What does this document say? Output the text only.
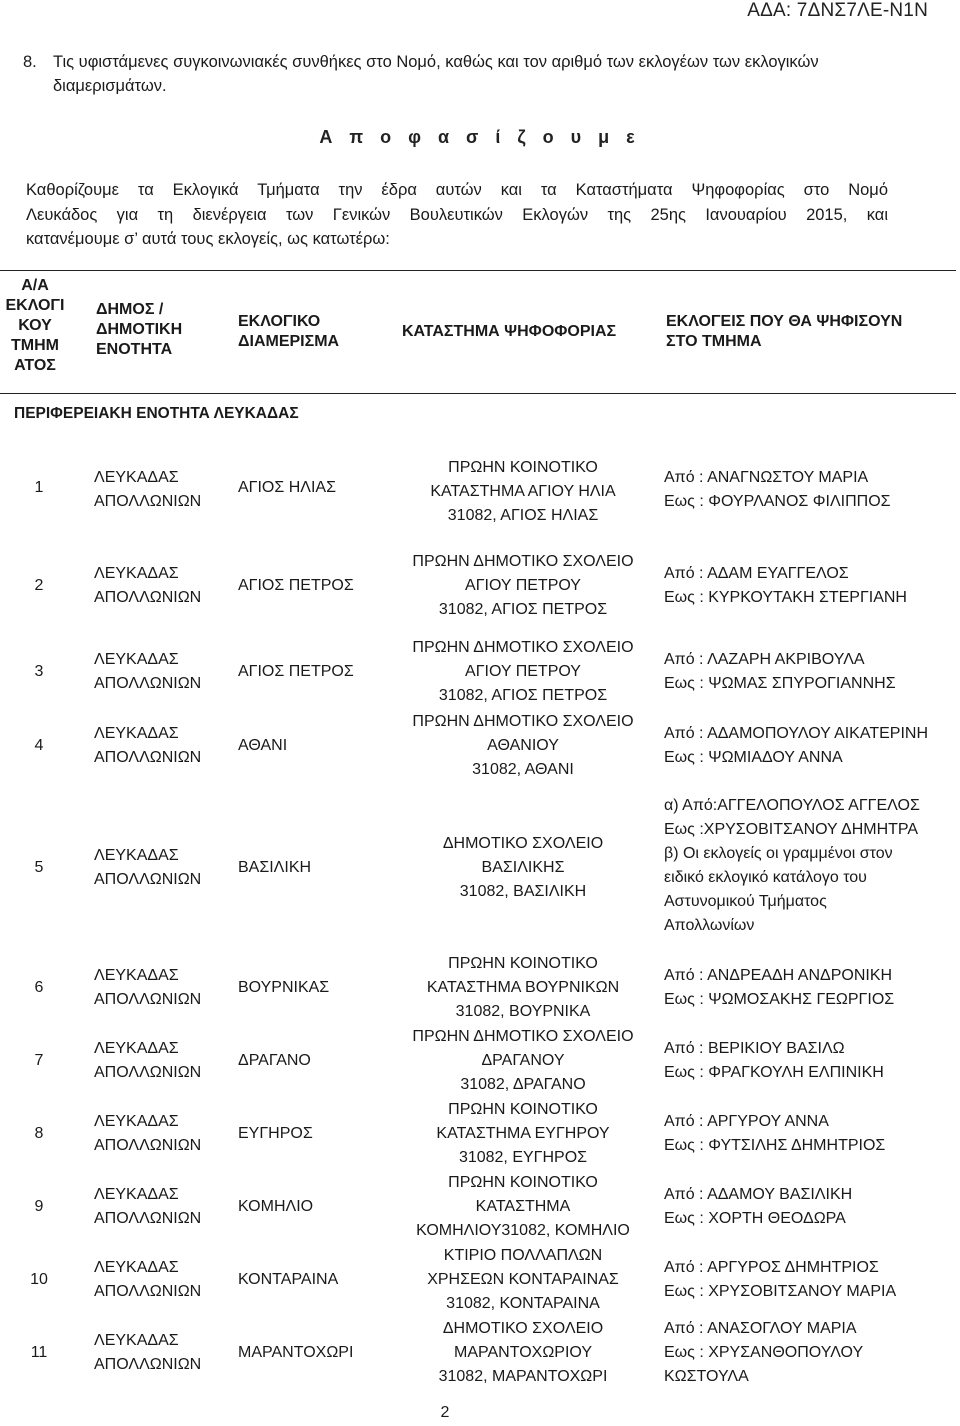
ΑΔΑ: 7ΔΝΣ7ΛΕ-Ν1Ν
8. Τις υφιστάμενες συγκοινωνιακές συνθήκες στο Νομό, καθώς και τον αριθμό των εκλογέων των εκλογικών διαμερισμάτων.
Α π ο φ α σ ί ζ ο υ μ ε
Καθορίζουμε τα Εκλογικά Τμήματα την έδρα αυτών και τα Καταστήματα Ψηφοφορίας στο Νομό
Λευκάδος για τη διενέργεια των Γενικών Βουλευτικών Εκλογών της 25ης Ιανουαρίου 2015, και
κατανέμουμε σ’ αυτά τους εκλογείς, ως κατωτέρω:
Α/Α
ΕΚΛΟΓΙ
ΚΟΥ
ΤΜΗΜ
ΑΤΟΣ
ΔΗΜΟΣ /
ΔΗΜΟΤΙΚΗ
ΕΝΟΤΗΤΑ
ΕΚΛΟΓΙΚΟ
ΔΙΑΜΕΡΙΣΜΑ
ΚΑΤΑΣΤΗΜΑ ΨΗΦΟΦΟΡΙΑΣ
ΕΚΛΟΓΕΙΣ ΠΟΥ ΘΑ ΨΗΦΙΣΟΥΝ
ΣΤΟ ΤΜΗΜΑ
ΠΕΡΙΦΕΡΕΙΑΚΗ ΕΝΟΤΗΤΑ ΛΕΥΚΑΔΑΣ
1
ΛΕΥΚΑΔΑΣ
ΑΠΟΛΛΩΝΙΩΝ
ΑΓΙΟΣ ΗΛΙΑΣ
ΠΡΩΗΝ ΚΟΙΝΟΤΙΚΟ
ΚΑΤΑΣΤΗΜΑ ΑΓΙΟΥ ΗΛΙΑ
31082, ΑΓΙΟΣ ΗΛΙΑΣ
Από : ΑΝΑΓΝΩΣΤΟΥ ΜΑΡΙΑ
Εως : ΦΟΥΡΛΑΝΟΣ ΦΙΛΙΠΠΟΣ
2
ΛΕΥΚΑΔΑΣ
ΑΠΟΛΛΩΝΙΩΝ
ΑΓΙΟΣ ΠΕΤΡΟΣ
ΠΡΩΗΝ ΔΗΜΟΤΙΚΟ ΣΧΟΛΕΙΟ
ΑΓΙΟΥ ΠΕΤΡΟΥ
31082, ΑΓΙΟΣ ΠΕΤΡΟΣ
Από : ΑΔΑΜ ΕΥΑΓΓΕΛΟΣ
Εως : ΚΥΡΚΟΥΤΑΚΗ ΣΤΕΡΓΙΑΝΗ
3
ΛΕΥΚΑΔΑΣ
ΑΠΟΛΛΩΝΙΩΝ
ΑΓΙΟΣ ΠΕΤΡΟΣ
ΠΡΩΗΝ ΔΗΜΟΤΙΚΟ ΣΧΟΛΕΙΟ
ΑΓΙΟΥ ΠΕΤΡΟΥ
31082, ΑΓΙΟΣ ΠΕΤΡΟΣ
Από : ΛΑΖΑΡΗ ΑΚΡΙΒΟΥΛΑ
Εως : ΨΩΜΑΣ ΣΠΥΡΟΓΙΑΝΝΗΣ
4
ΛΕΥΚΑΔΑΣ
ΑΠΟΛΛΩΝΙΩΝ
ΑΘΑΝΙ
ΠΡΩΗΝ ΔΗΜΟΤΙΚΟ ΣΧΟΛΕΙΟ
ΑΘΑΝΙΟΥ
31082, ΑΘΑΝΙ
Από : ΑΔΑΜΟΠΟΥΛΟΥ ΑΙΚΑΤΕΡΙΝΗ
Εως : ΨΩΜΙΑΔΟΥ ΑΝΝΑ
5
ΛΕΥΚΑΔΑΣ
ΑΠΟΛΛΩΝΙΩΝ
ΒΑΣΙΛΙΚΗ
ΔΗΜΟΤΙΚΟ ΣΧΟΛΕΙΟ
ΒΑΣΙΛΙΚΗΣ
31082, ΒΑΣΙΛΙΚΗ
α) Από:ΑΓΓΕΛΟΠΟΥΛΟΣ ΑΓΓΕΛΟΣ
Εως :ΧΡΥΣΟΒΙΤΣΑΝΟΥ ΔΗΜΗΤΡΑ
β) Οι εκλογείς οι γραμμένοι στον
ειδικό εκλογικό κατάλογο του
Αστυνομικού Τμήματος
Απολλωνίων
6
ΛΕΥΚΑΔΑΣ
ΑΠΟΛΛΩΝΙΩΝ
ΒΟΥΡΝΙΚΑΣ
ΠΡΩΗΝ ΚΟΙΝΟΤΙΚΟ
ΚΑΤΑΣΤΗΜΑ ΒΟΥΡΝΙΚΩΝ
31082, ΒΟΥΡΝΙΚΑ
Από : ΑΝΔΡΕΑΔΗ ΑΝΔΡΟΝΙΚΗ
Εως : ΨΩΜΟΣΑΚΗΣ ΓΕΩΡΓΙΟΣ
7
ΛΕΥΚΑΔΑΣ
ΑΠΟΛΛΩΝΙΩΝ
ΔΡΑΓΑΝΟ
ΠΡΩΗΝ ΔΗΜΟΤΙΚΟ ΣΧΟΛΕΙΟ
ΔΡΑΓΑΝΟΥ
31082, ΔΡΑΓΑΝΟ
Από : ΒΕΡΙΚΙΟΥ ΒΑΣΙΛΩ
Εως : ΦΡΑΓΚΟΥΛΗ ΕΛΠΙΝΙΚΗ
8
ΛΕΥΚΑΔΑΣ
ΑΠΟΛΛΩΝΙΩΝ
ΕΥΓΗΡΟΣ
ΠΡΩΗΝ ΚΟΙΝΟΤΙΚΟ
ΚΑΤΑΣΤΗΜΑ ΕΥΓΗΡΟΥ
31082, ΕΥΓΗΡΟΣ
Από : ΑΡΓΥΡΟΥ ΑΝΝΑ
Εως : ΦΥΤΣΙΛΗΣ ΔΗΜΗΤΡΙΟΣ
9
ΛΕΥΚΑΔΑΣ
ΑΠΟΛΛΩΝΙΩΝ
ΚΟΜΗΛΙΟ
ΠΡΩΗΝ ΚΟΙΝΟΤΙΚΟ
ΚΑΤΑΣΤΗΜΑ
ΚΟΜΗΛΙΟΥ31082, ΚΟΜΗΛΙΟ
Από : ΑΔΑΜΟΥ ΒΑΣΙΛΙΚΗ
Εως : ΧΟΡΤΗ ΘΕΟΔΩΡΑ
10
ΛΕΥΚΑΔΑΣ
ΑΠΟΛΛΩΝΙΩΝ
ΚΟΝΤΑΡΑΙΝΑ
ΚΤΙΡΙΟ ΠΟΛΛΑΠΛΩΝ
ΧΡΗΣΕΩΝ ΚΟΝΤΑΡΑΙΝΑΣ
31082, ΚΟΝΤΑΡΑΙΝΑ
Από : ΑΡΓΥΡΟΣ ΔΗΜΗΤΡΙΟΣ
Εως : ΧΡΥΣΟΒΙΤΣΑΝΟΥ ΜΑΡΙΑ
11
ΛΕΥΚΑΔΑΣ
ΑΠΟΛΛΩΝΙΩΝ
ΜΑΡΑΝΤΟΧΩΡΙ
ΔΗΜΟΤΙΚΟ ΣΧΟΛΕΙΟ
ΜΑΡΑΝΤΟΧΩΡΙΟΥ
31082, ΜΑΡΑΝΤΟΧΩΡΙ
Από : ΑΝΑΣΟΓΛΟΥ ΜΑΡΙΑ
Εως : ΧΡΥΣΑΝΘΟΠΟΥΛΟΥ
ΚΩΣΤΟΥΛΑ
2
